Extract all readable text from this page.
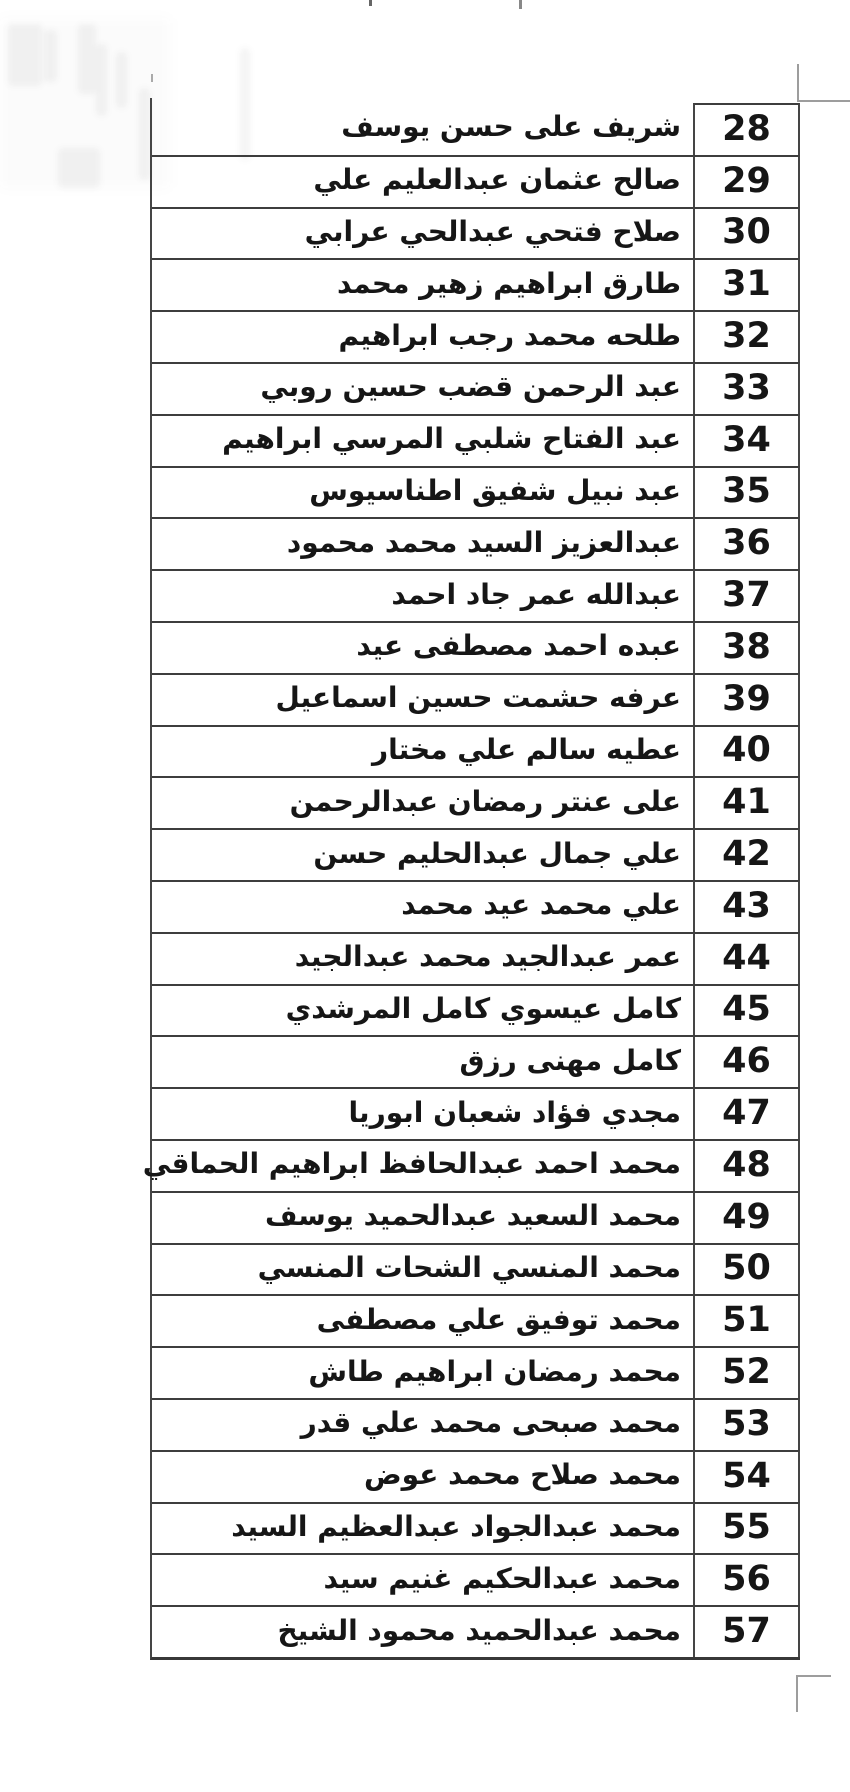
شريف على حسن يوسف	28
صالح عثمان عبدالعليم علي	29
صلاح فتحي عبدالحي عرابي	30
طارق ابراهيم زهير محمد	31
طلحه محمد رجب ابراهيم	32
عبد الرحمن قضب حسين روبي	33
عبد الفتاح شلبي المرسي ابراهيم	34
عبد نبيل شفيق اطناسيوس	35
عبدالعزيز السيد محمد محمود	36
عبدالله عمر جاد احمد	37
عبده احمد مصطفى عيد	38
عرفه حشمت حسين اسماعيل	39
عطيه سالم علي مختار	40
على عنتر رمضان عبدالرحمن	41
علي جمال عبدالحليم حسن	42
علي محمد عيد محمد	43
عمر عبدالجيد محمد عبدالجيد	44
كامل عيسوي كامل المرشدي	45
كامل مهنى رزق	46
مجدي فؤاد شعبان ابوريا	47
محمد احمد عبدالحافظ ابراهيم الحماقي	48
محمد السعيد عبدالحميد يوسف	49
محمد المنسي الشحات المنسي	50
محمد توفيق علي مصطفى	51
محمد رمضان ابراهيم طاش	52
محمد صبحى محمد علي قدر	53
محمد صلاح محمد عوض	54
محمد عبدالجواد عبدالعظيم السيد	55
محمد عبدالحكيم غنيم سيد	56
محمد عبدالحميد محمود الشيخ	57
